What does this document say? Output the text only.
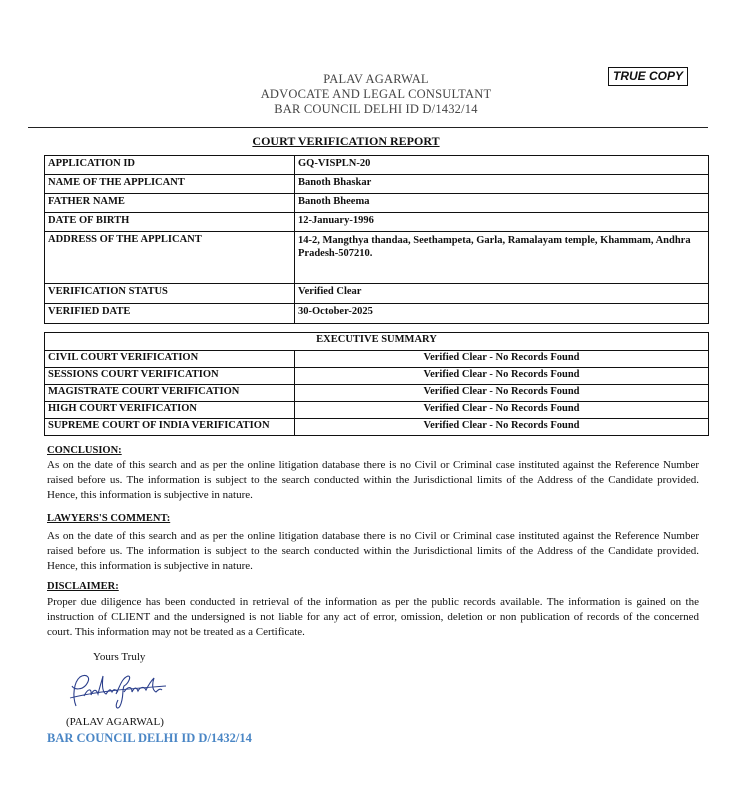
PALAV AGARWAL
ADVOCATE AND LEGAL CONSULTANT
BAR COUNCIL DELHI ID D/1432/14
TRUE COPY
COURT VERIFICATION REPORT
APPLICATION ID	GQ-VISPLN-20
NAME OF THE APPLICANT	Banoth Bhaskar
FATHER NAME	Banoth Bheema
DATE OF BIRTH	12-January-1996
ADDRESS OF THE APPLICANT	14-2, Mangthya thandaa, Seethampeta, Garla, Ramalayam temple, Khammam, Andhra Pradesh-507210.
VERIFICATION STATUS	Verified Clear
VERIFIED DATE	30-October-2025
EXECUTIVE SUMMARY	
CIVIL COURT VERIFICATION	Verified Clear - No Records Found
SESSIONS COURT VERIFICATION	Verified Clear - No Records Found
MAGISTRATE COURT VERIFICATION	Verified Clear - No Records Found
HIGH COURT VERIFICATION	Verified Clear - No Records Found
SUPREME COURT OF INDIA VERIFICATION	Verified Clear - No Records Found
CONCLUSION:
As on the date of this search and as per the online litigation database there is no Civil or Criminal case instituted against the Reference Number raised before us. The information is subject to the search conducted within the Jurisdictional limits of the Address of the Candidate provided. Hence, this information is subjective in nature.
LAWYERS'S COMMENT:
As on the date of this search and as per the online litigation database there is no Civil or Criminal case instituted against the Reference Number raised before us. The information is subject to the search conducted within the Jurisdictional limits of the Address of the Candidate provided. Hence, this information is subjective in nature.
DISCLAIMER:
Proper due diligence has been conducted in retrieval of the information as per the public records available. The information is gained on the instruction of CLIENT and the undersigned is not liable for any act of error, omission, deletion or non publication of records of the concerned court. This information may not be treated as a Certificate.
Yours Truly
(PALAV AGARWAL)
BAR COUNCIL DELHI ID D/1432/14
